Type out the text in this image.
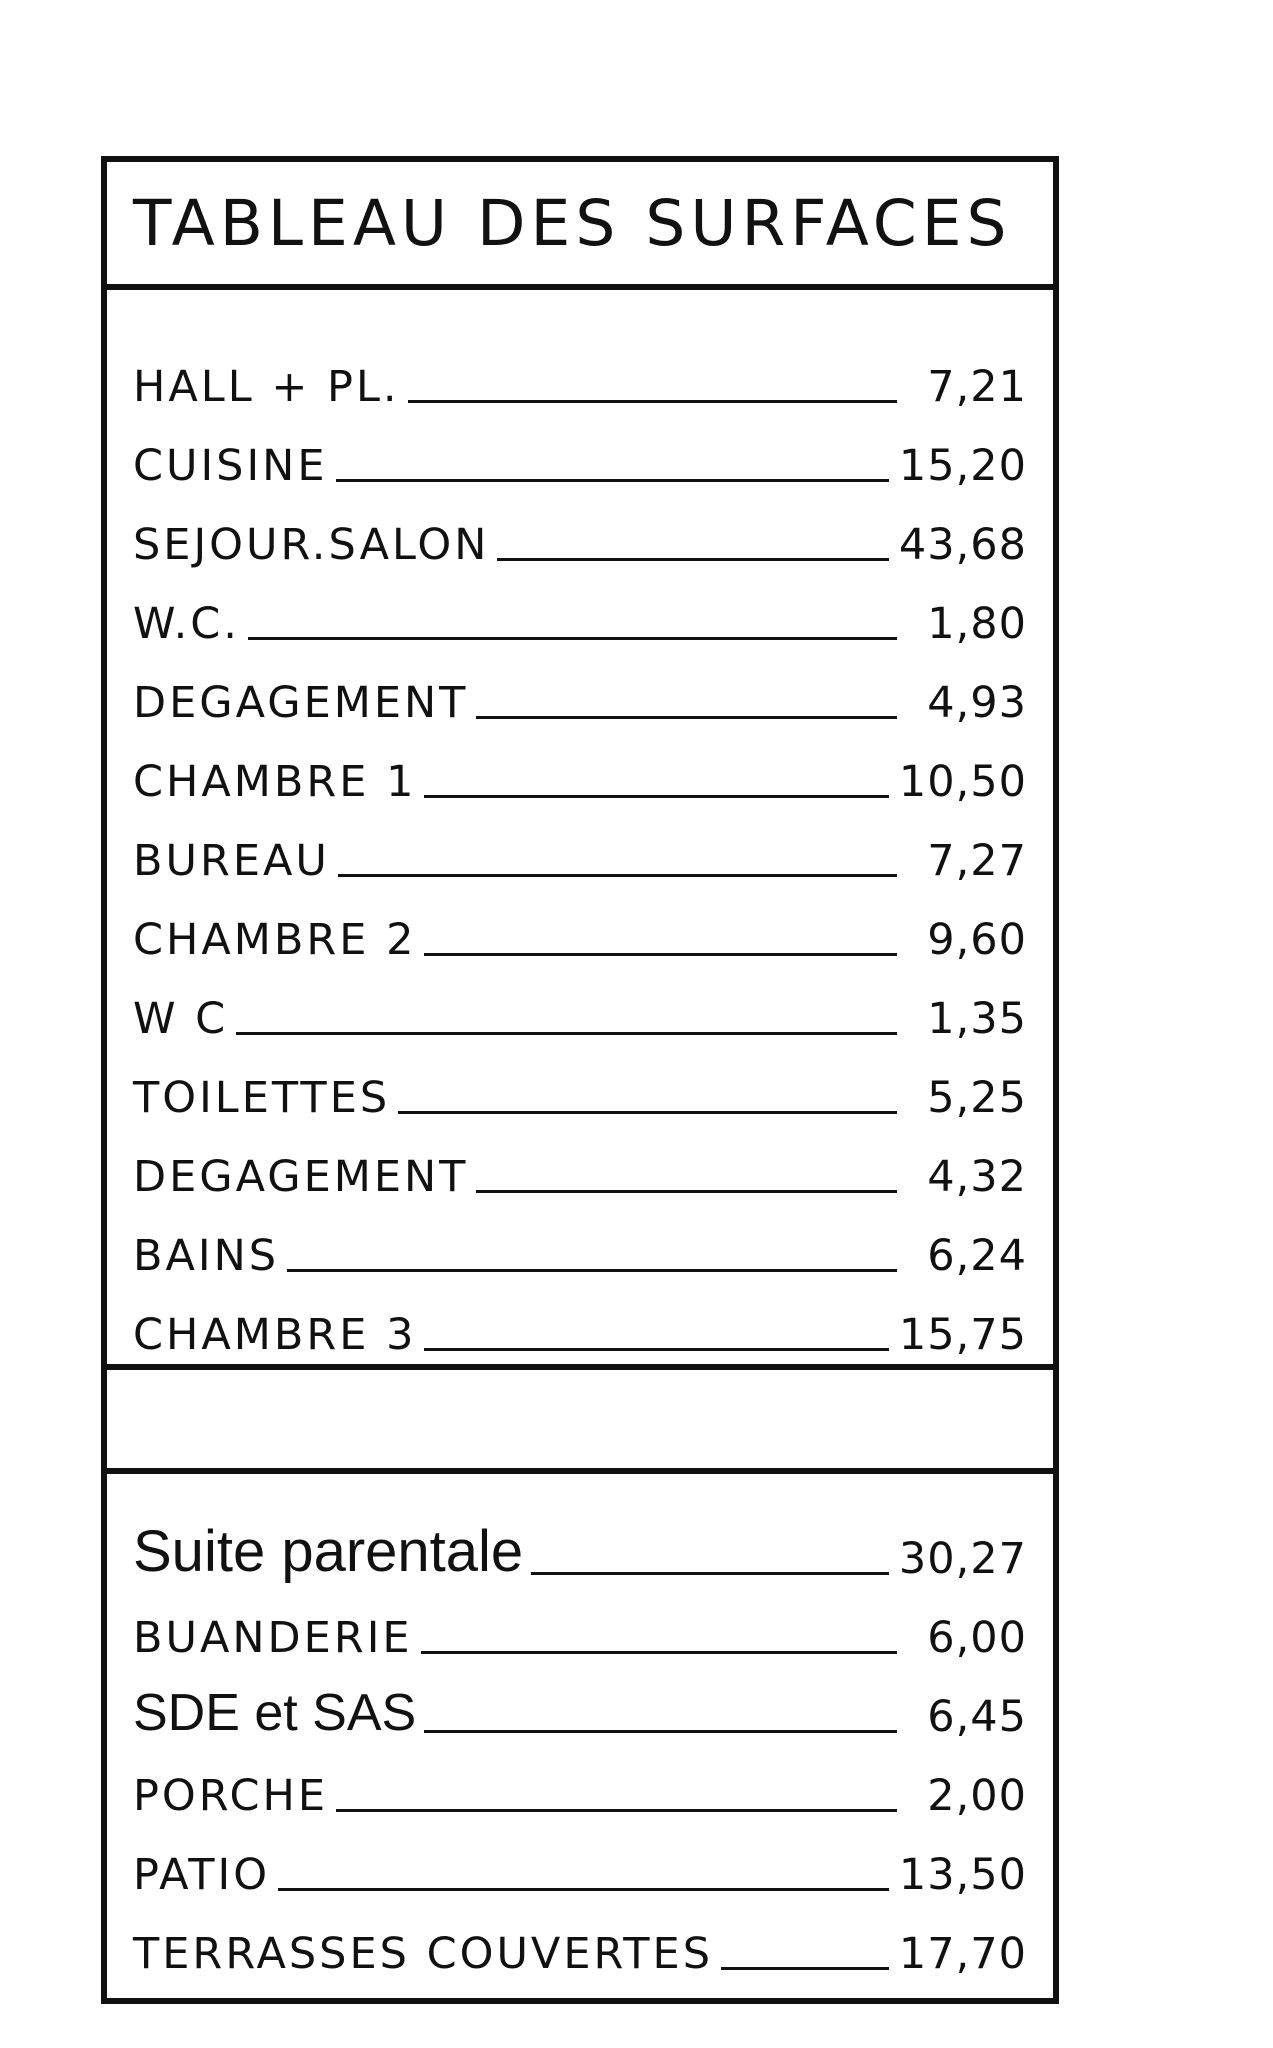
TABLEAU DES SURFACES
HALL + PL.	7,21
CUISINE	15,20
SEJOUR.SALON	43,68
W.C.	1,80
DEGAGEMENT	4,93
CHAMBRE 1	10,50
BUREAU	7,27
CHAMBRE 2	9,60
W C	1,35
TOILETTES	5,25
DEGAGEMENT	4,32
BAINS	6,24
CHAMBRE 3	15,75
Suite parentale	30,27
BUANDERIE	6,00
SDE et SAS	6,45
PORCHE	2,00
PATIO	13,50
TERRASSES COUVERTES	17,70
